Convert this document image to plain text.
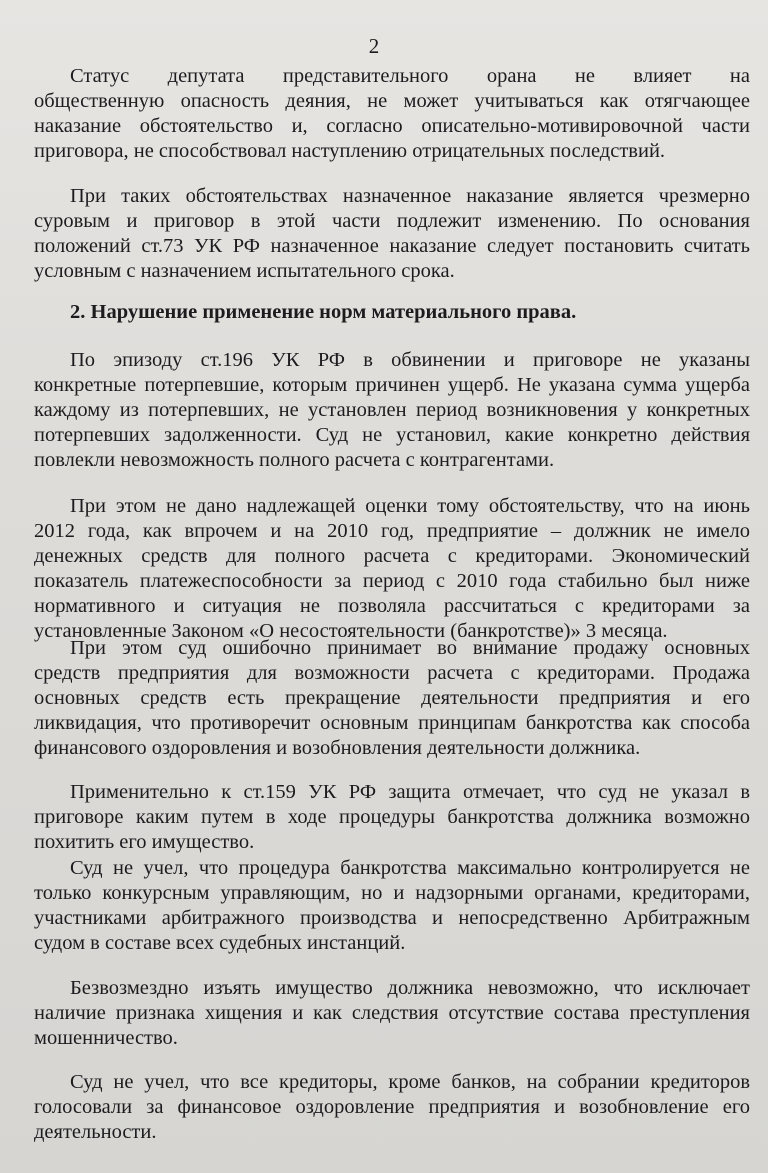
2

Статус депутата представительного орана не влияет на
общественную опасность деяния, не может учитываться как отягчающее
наказание обстоятельство и, согласно описательно-мотивировочной части
приговора, не способствовал наступлению отрицательных последствий.

При таких обстоятельствах назначенное наказание является чрезмерно
суровым и приговор в этой части подлежит изменению. По основания
положений ст.73 УК РФ назначенное наказание следует постановить считать
условным с назначением испытательного срока.

2. Нарушение применение норм материального права.

По эпизоду ст.196 УК РФ в обвинении и приговоре не указаны
конкретные потерпевшие, которым причинен ущерб. Не указана сумма ущерба
каждому из потерпевших, не установлен период возникновения у конкретных
потерпевших задолженности. Суд не установил, какие конкретно действия
повлекли невозможность полного расчета с контрагентами.

При этом не дано надлежащей оценки тому обстоятельству, что на июнь
2012 года, как впрочем и на 2010 год, предприятие – должник не имело
денежных средств для полного расчета с кредиторами. Экономический
показатель платежеспособности за период с 2010 года стабильно был ниже
нормативного и ситуация не позволяла рассчитаться с кредиторами за
установленные Законом «О несостоятельности (банкротстве)» 3 месяца.

При этом суд ошибочно принимает во внимание продажу основных
средств предприятия для возможности расчета с кредиторами. Продажа
основных средств есть прекращение деятельности предприятия и его
ликвидация, что противоречит основным принципам банкротства как способа
финансового оздоровления и возобновления деятельности должника.

Применительно к ст.159 УК РФ защита отмечает, что суд не указал в
приговоре каким путем в ходе процедуры банкротства должника возможно
похитить его имущество.

Суд не учел, что процедура банкротства максимально контролируется не
только конкурсным управляющим, но и надзорными органами, кредиторами,
участниками арбитражного производства и непосредственно Арбитражным
судом в составе всех судебных инстанций.

Безвозмездно изъять имущество должника невозможно, что исключает
наличие признака хищения и как следствия отсутствие состава преступления
мошенничество.

Суд не учел, что все кредиторы, кроме банков, на собрании кредиторов
голосовали за финансовое оздоровление предприятия и возобновление его
деятельности.
